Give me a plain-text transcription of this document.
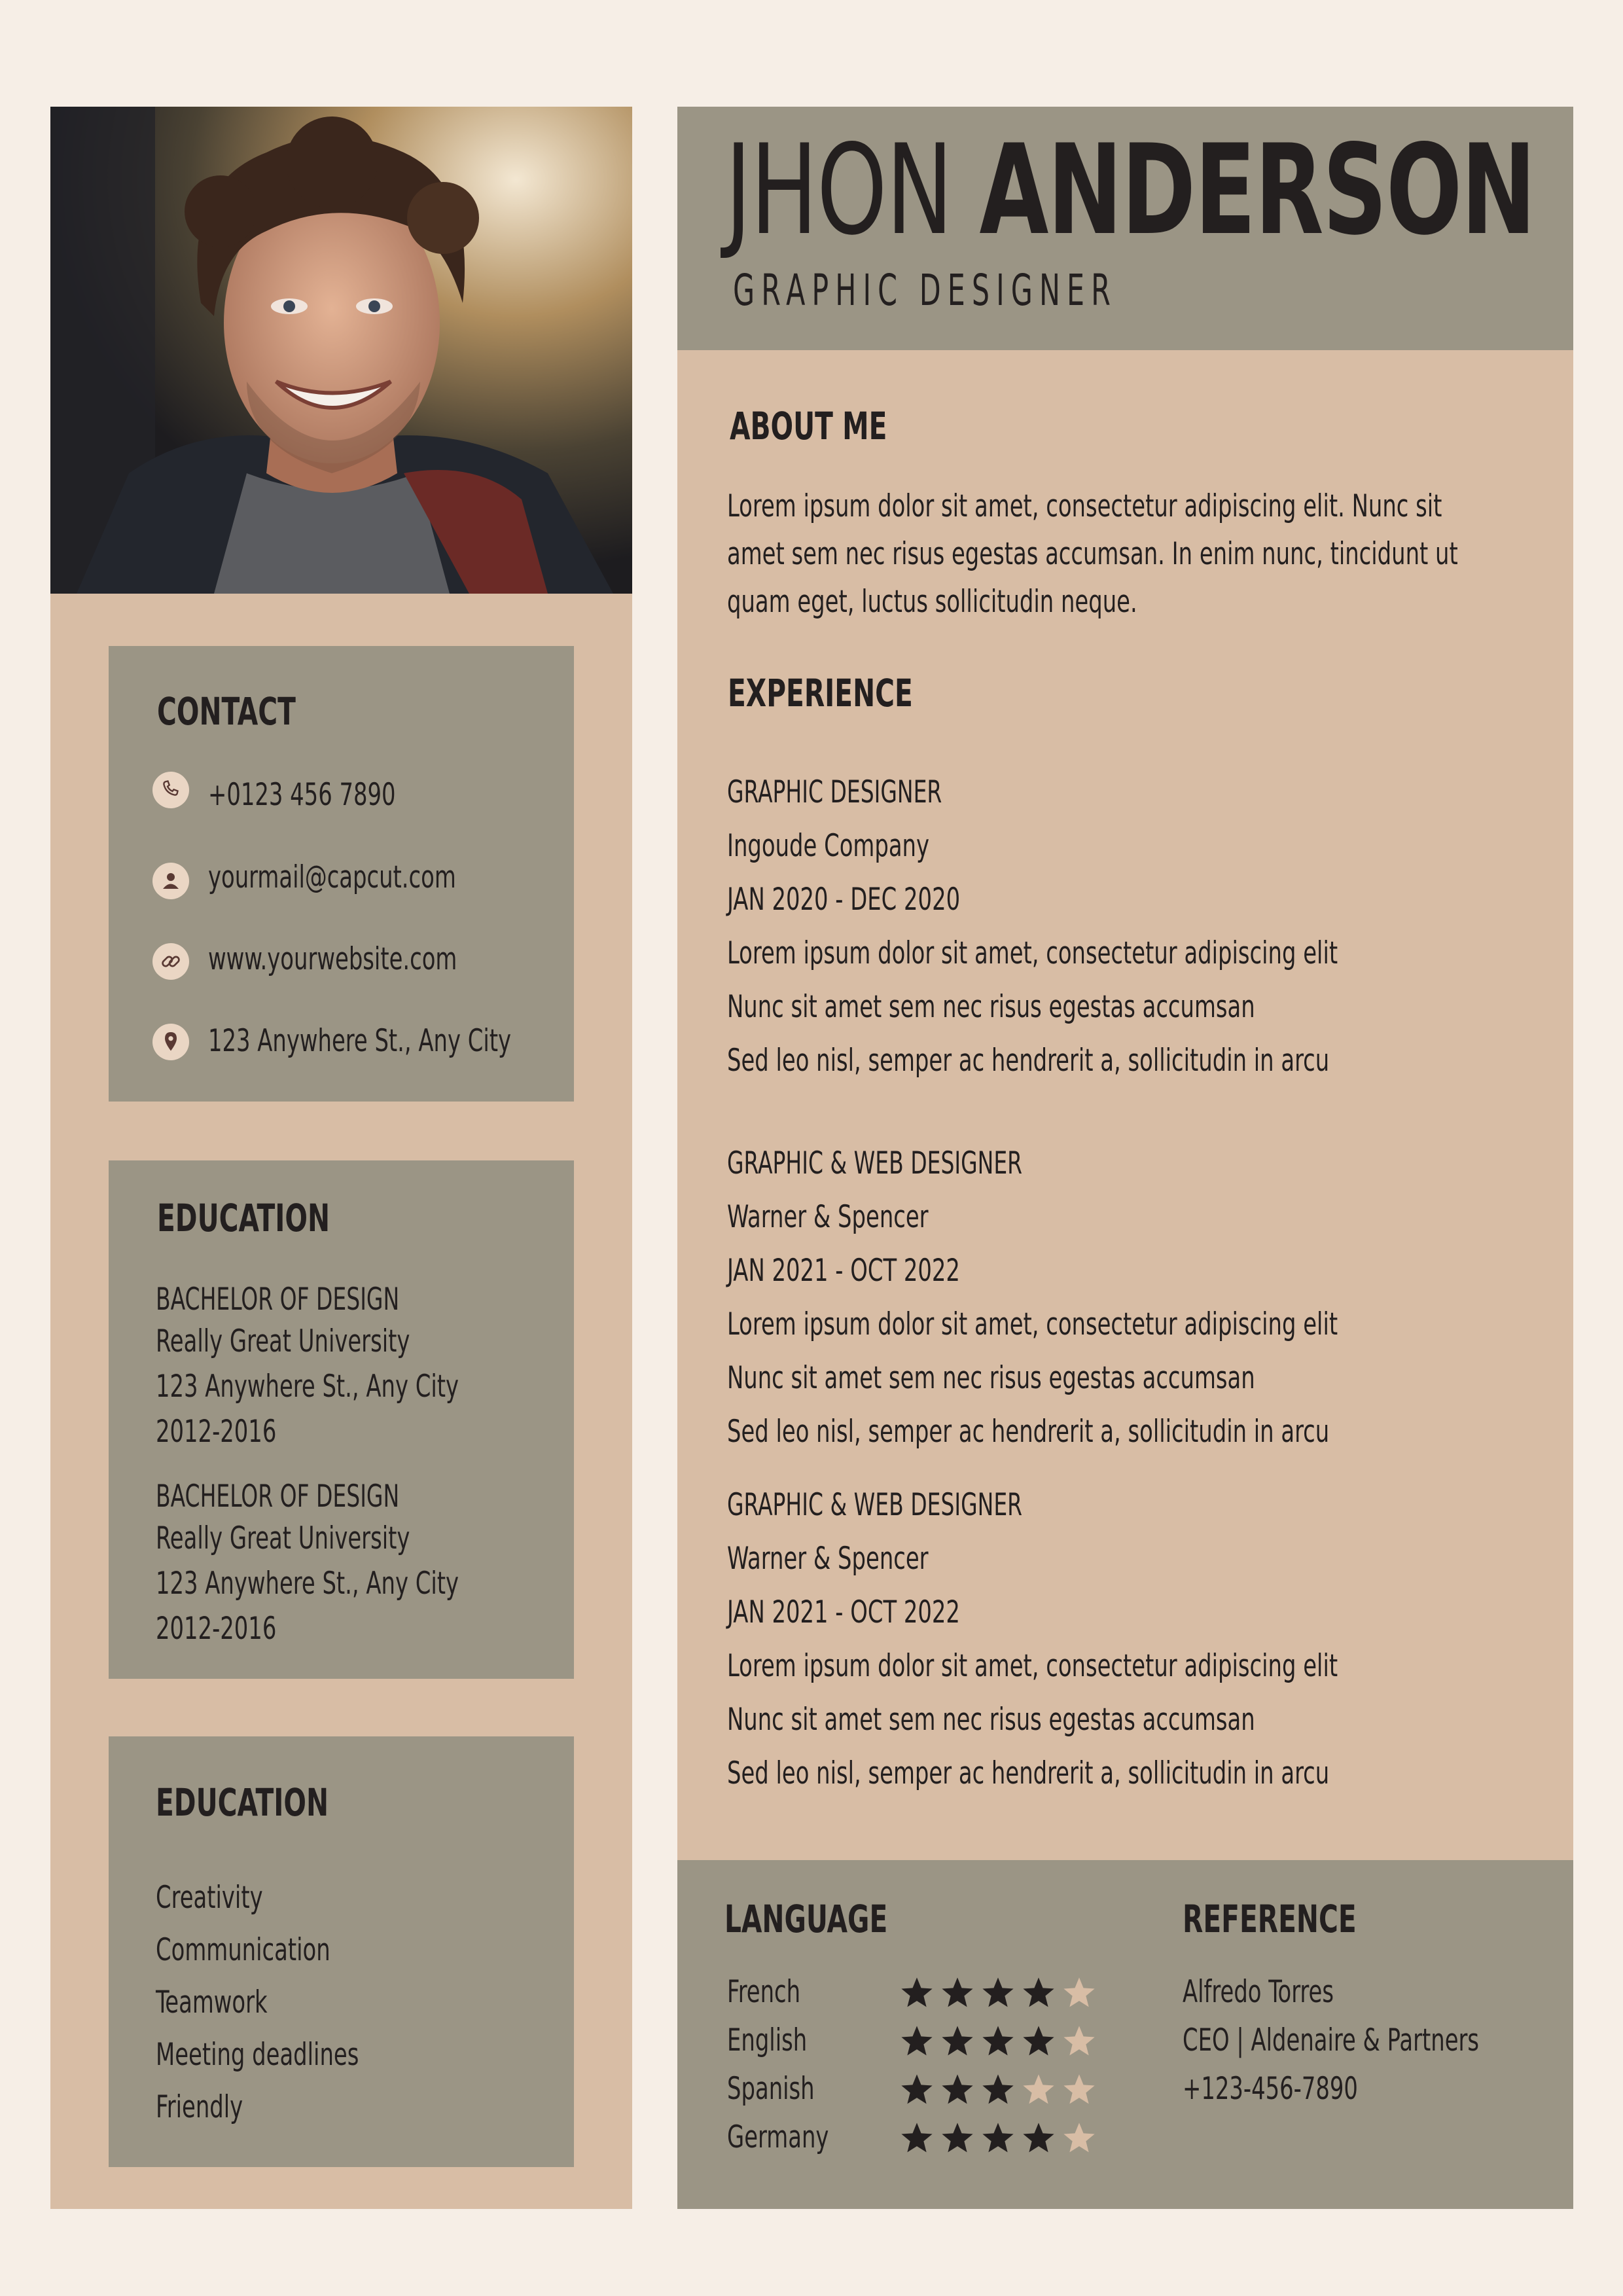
JHON ANDERSON
GRAPHIC DESIGNER
CONTACT
+0123 456 7890
yourmail@capcut.com
www.yourwebsite.com
123 Anywhere St., Any City
EDUCATION
BACHELOR OF DESIGN
Really Great University
123 Anywhere St., Any City
2012-2016
BACHELOR OF DESIGN
Really Great University
123 Anywhere St., Any City
2012-2016
EDUCATION
Creativity
Communication
Teamwork
Meeting deadlines
Friendly
ABOUT ME
Lorem ipsum dolor sit amet, consectetur adipiscing elit. Nunc sit
amet sem nec risus egestas accumsan. In enim nunc, tincidunt ut
quam eget, luctus sollicitudin neque.
EXPERIENCE
GRAPHIC DESIGNER
Ingoude Company
JAN 2020 - DEC 2020
Lorem ipsum dolor sit amet, consectetur adipiscing elit
Nunc sit amet sem nec risus egestas accumsan
Sed leo nisl, semper ac hendrerit a, sollicitudin in arcu
GRAPHIC & WEB DESIGNER
Warner & Spencer
JAN 2021 - OCT 2022
Lorem ipsum dolor sit amet, consectetur adipiscing elit
Nunc sit amet sem nec risus egestas accumsan
Sed leo nisl, semper ac hendrerit a, sollicitudin in arcu
GRAPHIC & WEB DESIGNER
Warner & Spencer
JAN 2021 - OCT 2022
Lorem ipsum dolor sit amet, consectetur adipiscing elit
Nunc sit amet sem nec risus egestas accumsan
Sed leo nisl, semper ac hendrerit a, sollicitudin in arcu
LANGUAGE
French
English
Spanish
Germany
REFERENCE
Alfredo Torres
CEO | Aldenaire & Partners
+123-456-7890
